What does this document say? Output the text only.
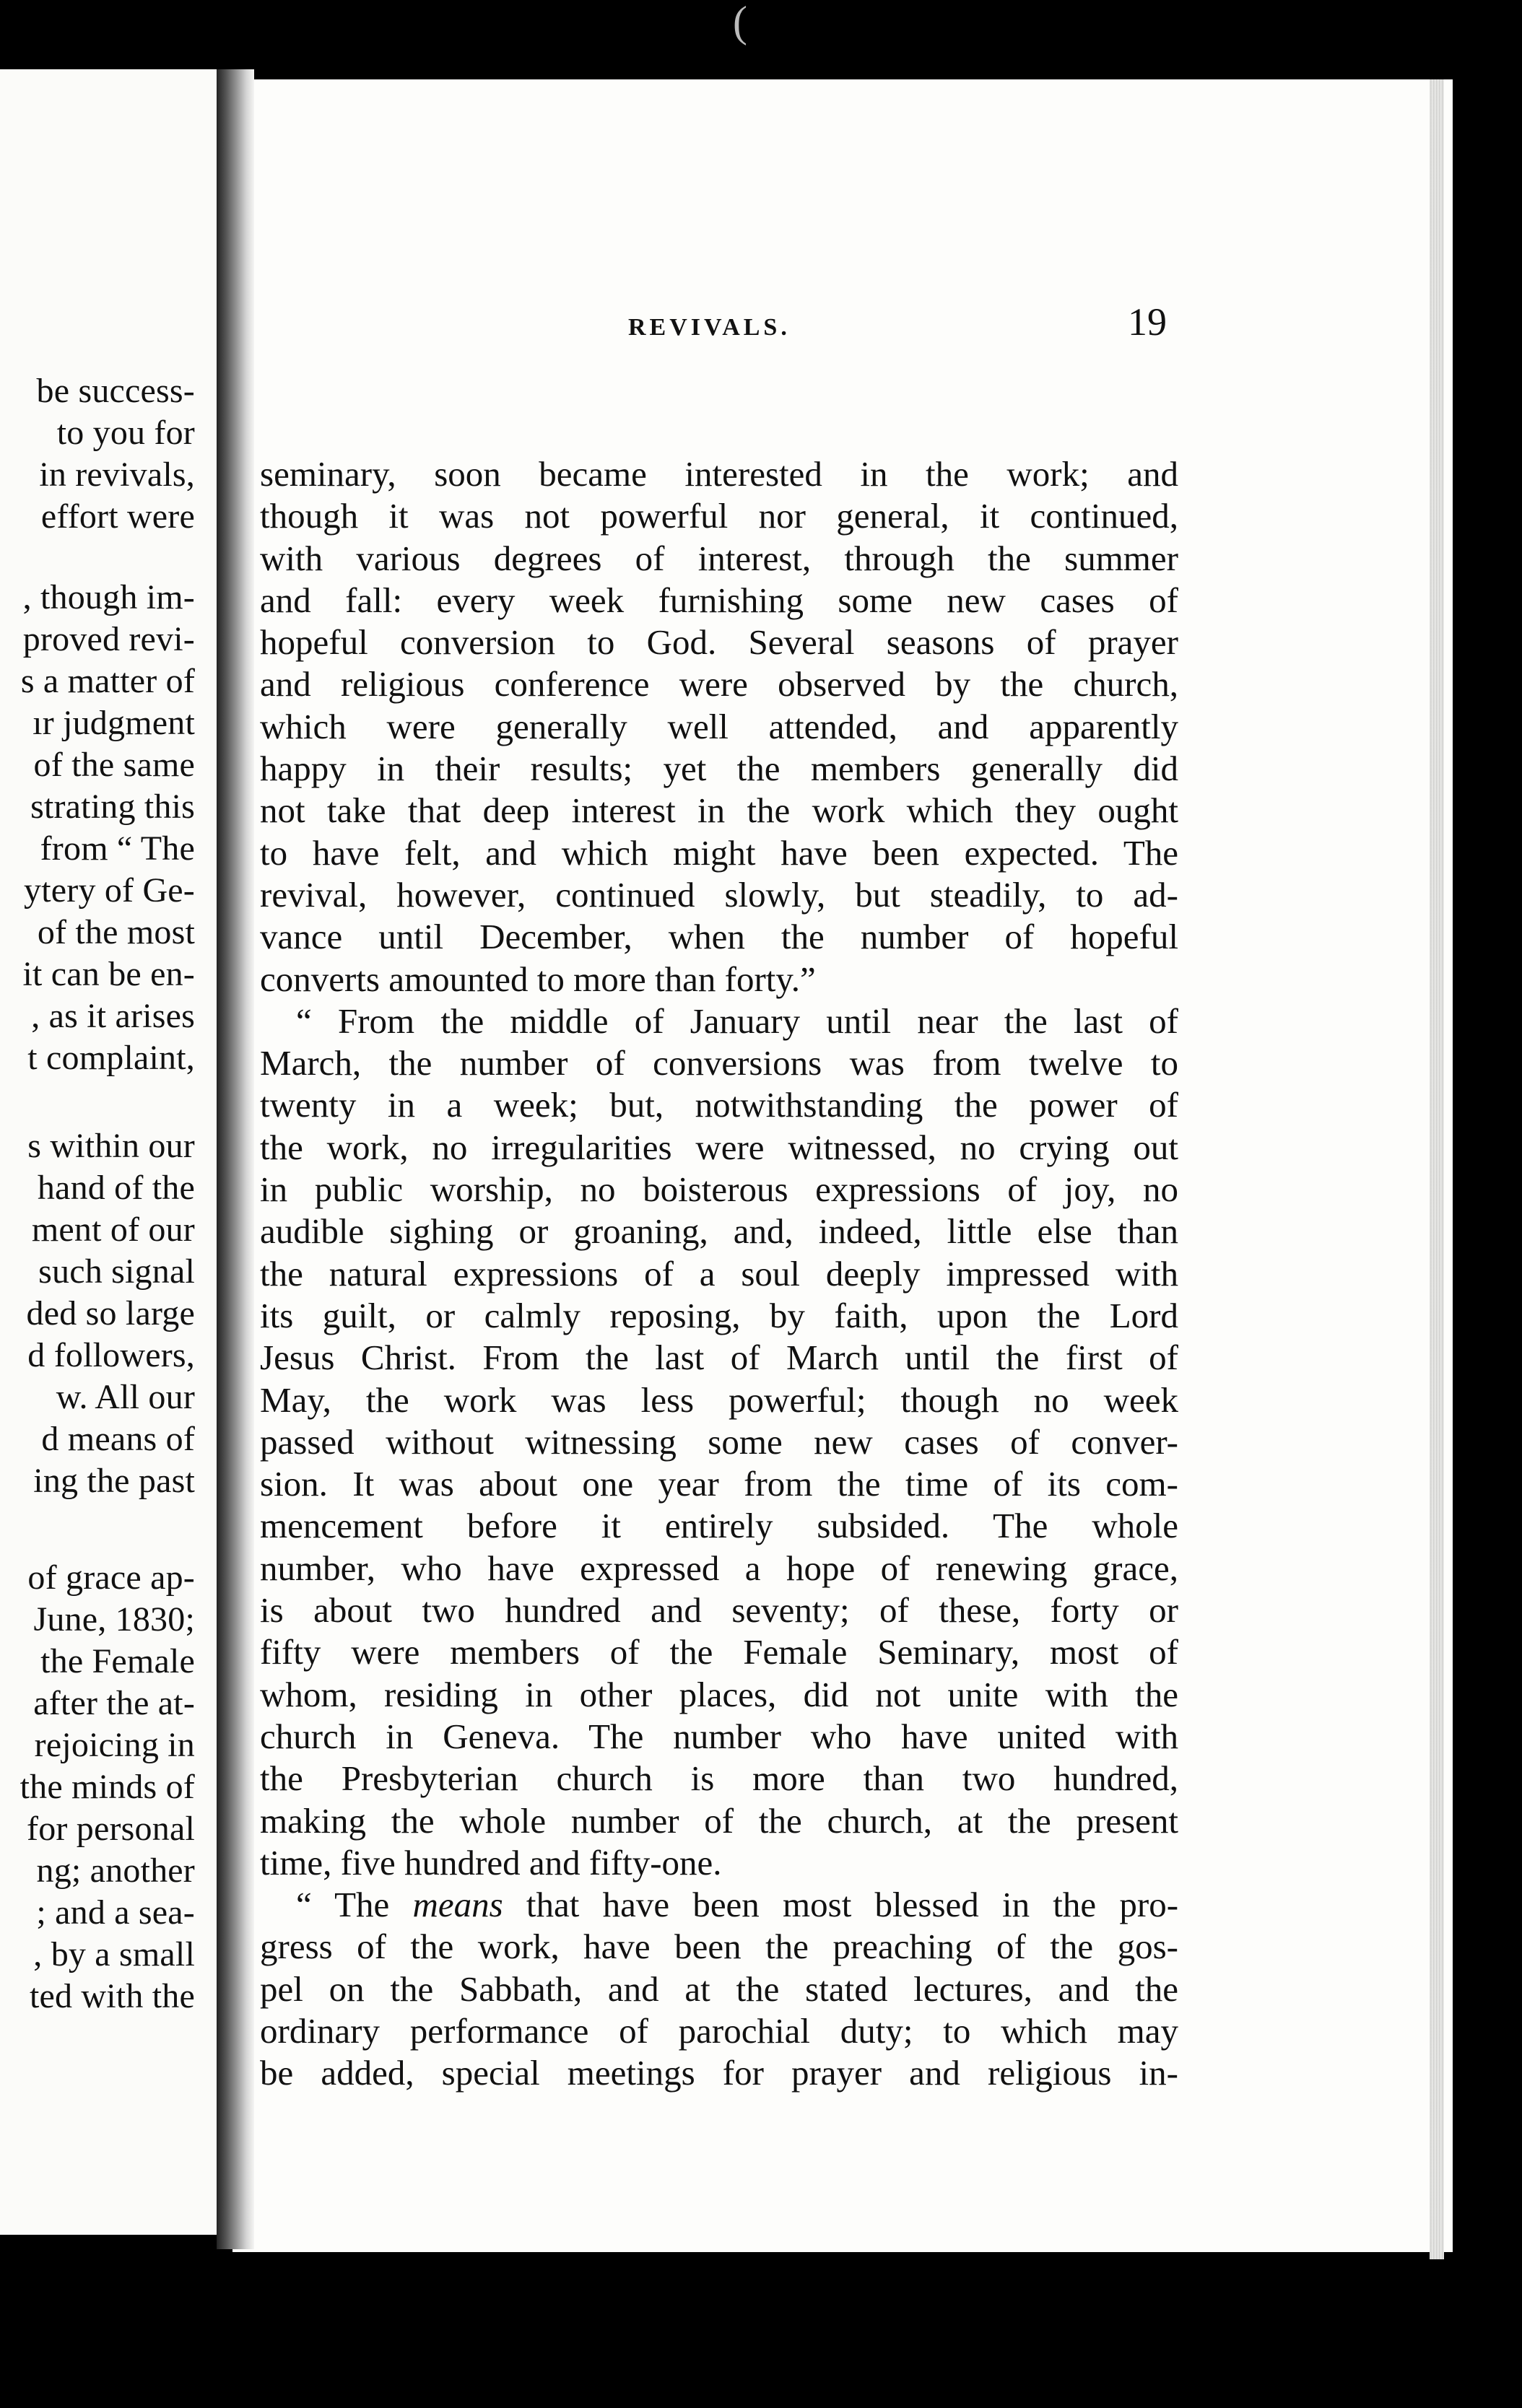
(
be success-
to you for
in revivals,
effort were
, though im-
proved revi-
s a matter of
ır judgment
of the same
strating this
from “ The
ytery of Ge-
of the most
it can be en-
, as it arises
t complaint,
s within our
hand of the
ment of our
such signal
ded so large
d followers,
w. All our
d means of
ing the past
of grace ap-
June, 1830;
the Female
after the at-
rejoicing in
the minds of
for personal
ng; another
; and a sea-
, by a small
ted with the
REVIVALS.	19
seminary, soon became interested in the work; and
though it was not powerful nor general, it continued,
with various degrees of interest, through the summer
and fall: every week furnishing some new cases of
hopeful conversion to God. Several seasons of prayer
and religious conference were observed by the church,
which were generally well attended, and apparently
happy in their results; yet the members generally did
not take that deep interest in the work which they ought
to have felt, and which might have been expected. The
revival, however, continued slowly, but steadily, to ad-
vance until December, when the number of hopeful
converts amounted to more than forty.”
“ From the middle of January until near the last of
March, the number of conversions was from twelve to
twenty in a week; but, notwithstanding the power of
the work, no irregularities were witnessed, no crying out
in public worship, no boisterous expressions of joy, no
audible sighing or groaning, and, indeed, little else than
the natural expressions of a soul deeply impressed with
its guilt, or calmly reposing, by faith, upon the Lord
Jesus Christ. From the last of March until the first of
May, the work was less powerful; though no week
passed without witnessing some new cases of conver-
sion. It was about one year from the time of its com-
mencement before it entirely subsided. The whole
number, who have expressed a hope of renewing grace,
is about two hundred and seventy; of these, forty or
fifty were members of the Female Seminary, most of
whom, residing in other places, did not unite with the
church in Geneva. The number who have united with
the Presbyterian church is more than two hundred,
making the whole number of the church, at the present
time, five hundred and fifty-one.
“ The means that have been most blessed in the pro-
gress of the work, have been the preaching of the gos-
pel on the Sabbath, and at the stated lectures, and the
ordinary performance of parochial duty; to which may
be added, special meetings for prayer and religious in-
